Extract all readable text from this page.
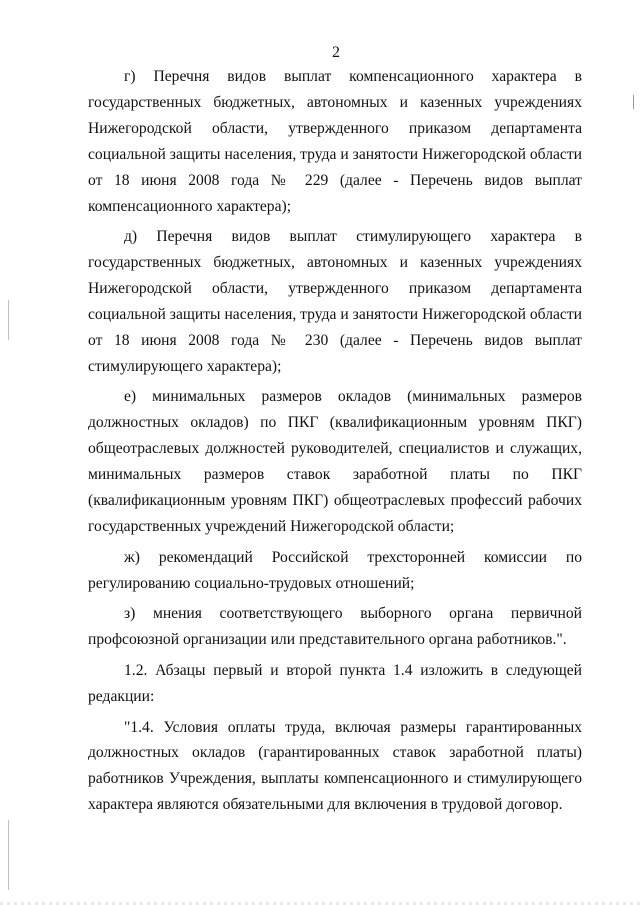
2

г) Перечня видов выплат компенсационного характера в
государственных бюджетных, автономных и казенных учреждениях
Нижегородской области, утвержденного приказом департамента
социальной защиты населения, труда и занятости Нижегородской области
от 18 июня 2008 года № 229 (далее - Перечень видов выплат
компенсационного характера);

д) Перечня видов выплат стимулирующего характера в
государственных бюджетных, автономных и казенных учреждениях
Нижегородской области, утвержденного приказом департамента
социальной защиты населения, труда и занятости Нижегородской области
от 18 июня 2008 года № 230 (далее - Перечень видов выплат
стимулирующего характера);

е) минимальных размеров окладов (минимальных размеров
должностных окладов) по ПКГ (квалификационным уровням ПКГ)
общеотраслевых должностей руководителей, специалистов и служащих,
минимальных размеров ставок заработной платы по ПКГ
(квалификационным уровням ПКГ) общеотраслевых профессий рабочих
государственных учреждений Нижегородской области;

ж) рекомендаций Российской трехсторонней комиссии по
регулированию социально-трудовых отношений;

з) мнения соответствующего выборного органа первичной
профсоюзной организации или представительного органа работников.".

1.2. Абзацы первый и второй пункта 1.4 изложить в следующей
редакции:

"1.4. Условия оплаты труда, включая размеры гарантированных
должностных окладов (гарантированных ставок заработной платы)
работников Учреждения, выплаты компенсационного и стимулирующего
характера являются обязательными для включения в трудовой договор.
